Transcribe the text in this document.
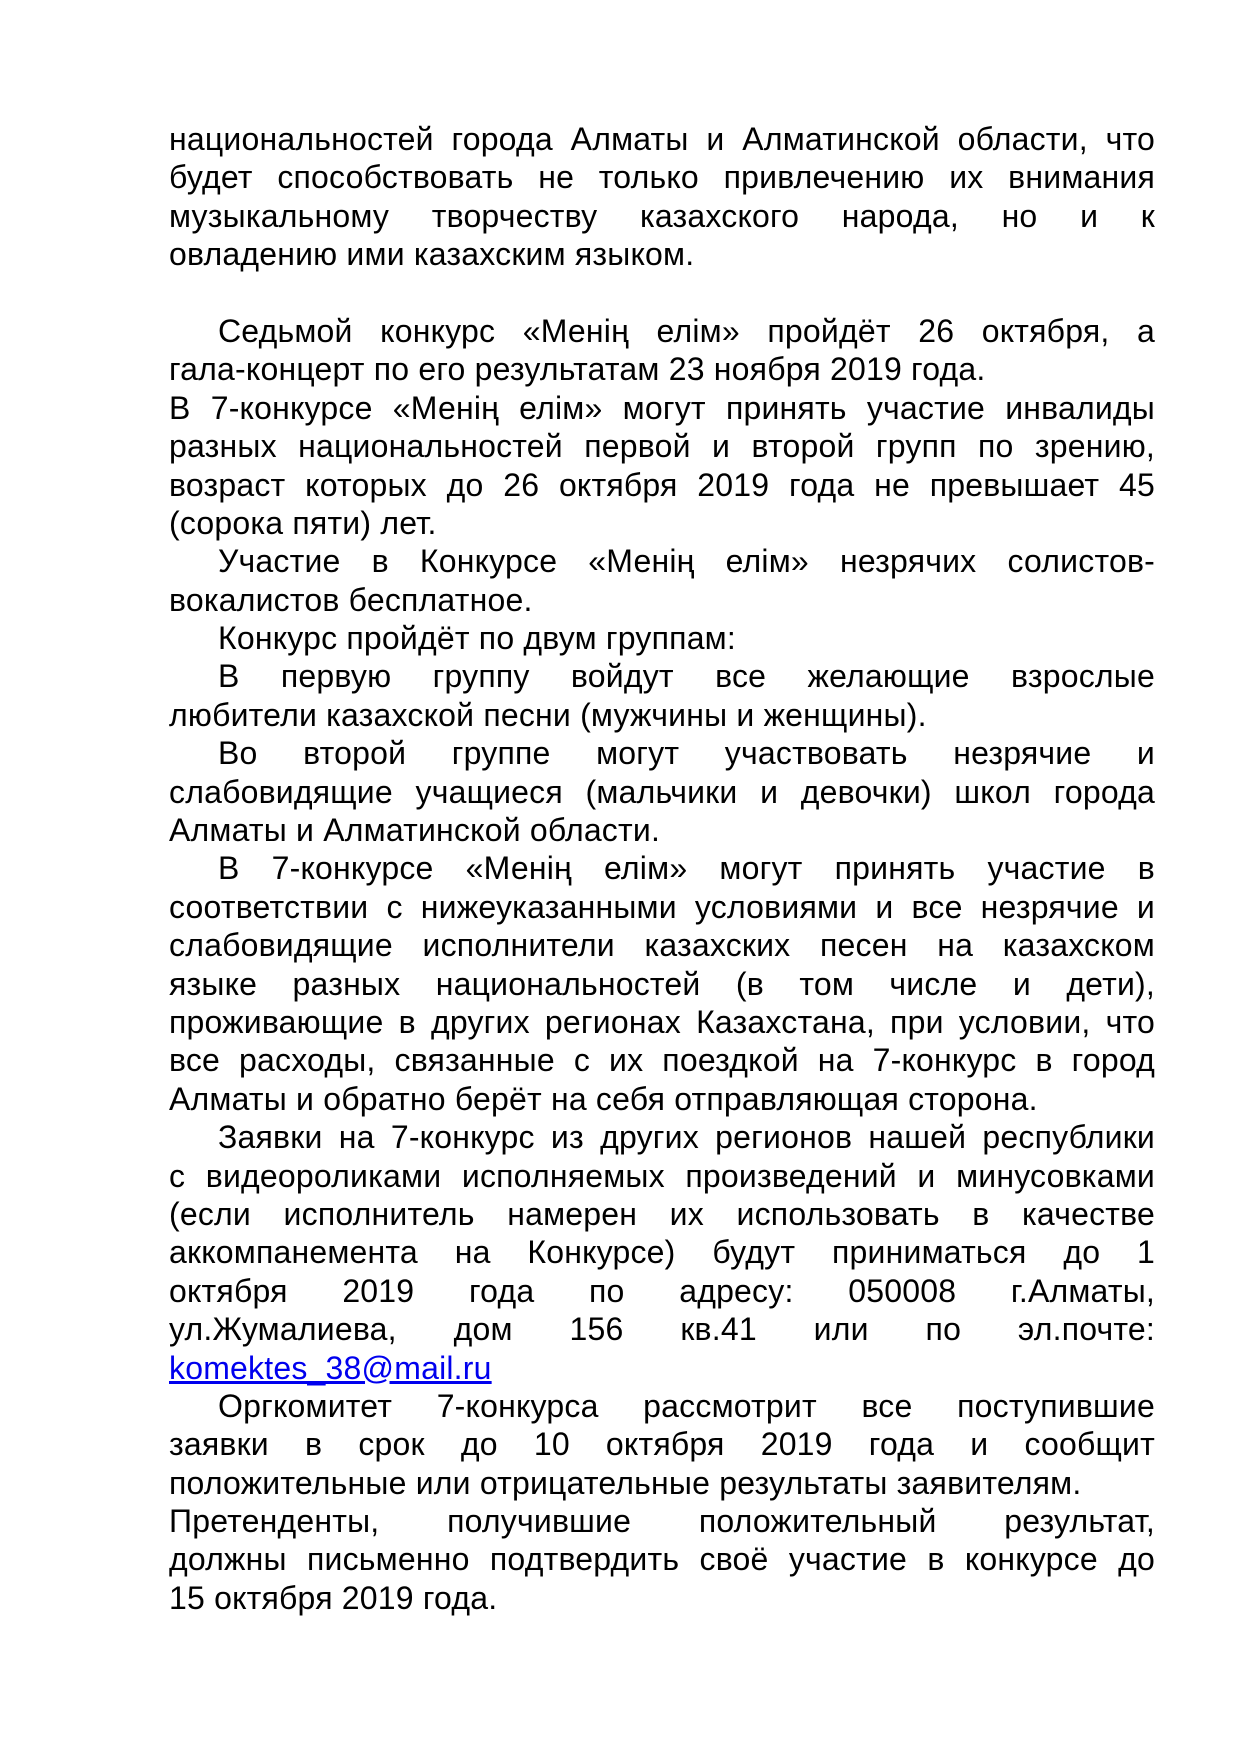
национальностей города Алматы и Алматинской области, что
будет способствовать не только привлечению их внимания
музыкальному творчеству казахского народа, но и к
овладению ими казахским языком.
Седьмой конкурс «Менің елім» пройдёт 26 октября, а
гала-концерт по его результатам 23 ноября 2019 года.
В 7-конкурсе «Менің елім» могут принять участие инвалиды
разных национальностей первой и второй групп по зрению,
возраст которых до 26 октября 2019 года не превышает 45
(сорока пяти) лет.
Участие в Конкурсе «Менің елім» незрячих солистов-
вокалистов бесплатное.
Конкурс пройдёт по двум группам:
В первую группу войдут все желающие взрослые
любители казахской песни (мужчины и женщины).
Во второй группе могут участвовать незрячие и
слабовидящие учащиеся (мальчики и девочки) школ города
Алматы и Алматинской области.
В 7-конкурсе «Менің елім» могут принять участие в
соответствии с нижеуказанными условиями и все незрячие и
слабовидящие исполнители казахских песен на казахском
языке разных национальностей (в том числе и дети),
проживающие в других регионах Казахстана, при условии, что
все расходы, связанные с их поездкой на 7-конкурс в город
Алматы и обратно берёт на себя отправляющая сторона.
Заявки на 7-конкурс из других регионов нашей республики
с видеороликами исполняемых произведений и минусовками
(если исполнитель намерен их использовать в качестве
аккомпанемента на Конкурсе) будут приниматься до 1
октября 2019 года по адресу: 050008 г.Алматы,
ул.Жумалиева, дом 156 кв.41 или по эл.почте:
komektes_38@mail.ru
Оргкомитет 7-конкурса рассмотрит все поступившие
заявки в срок до 10 октября 2019 года и сообщит
положительные или отрицательные результаты заявителям.
Претенденты, получившие положительный результат,
должны письменно подтвердить своё участие в конкурсе до
15 октября 2019 года.
